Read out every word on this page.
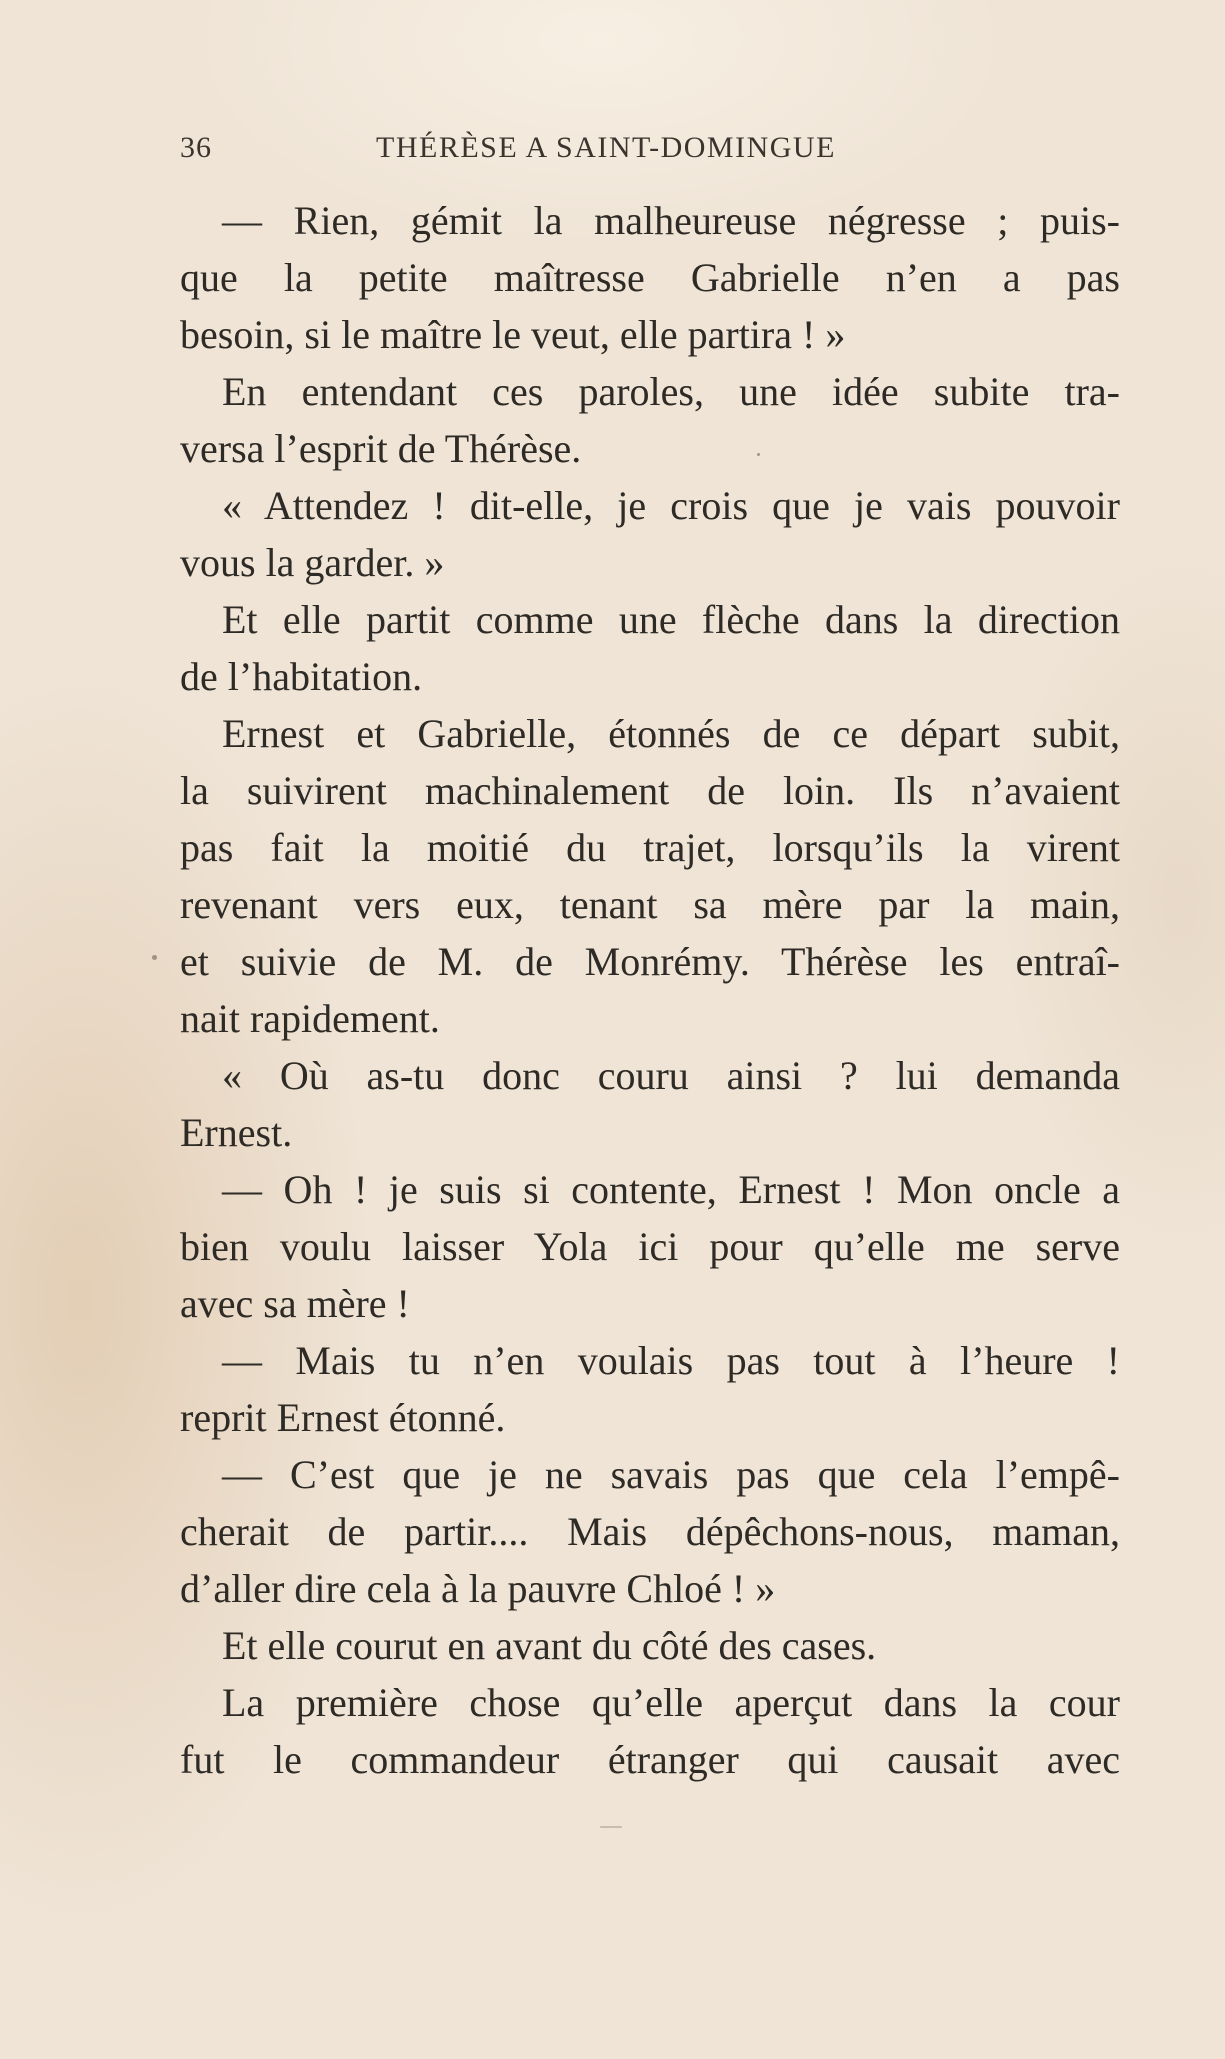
36	THÉRÈSE A SAINT-DOMINGUE
— Rien, gémit la malheureuse négresse ; puis-
que la petite maîtresse Gabrielle n’en a pas
besoin, si le maître le veut, elle partira ! »
En entendant ces paroles, une idée subite tra-
versa l’esprit de Thérèse.
« Attendez ! dit-elle, je crois que je vais pouvoir
vous la garder. »
Et elle partit comme une flèche dans la direction
de l’habitation.
Ernest et Gabrielle, étonnés de ce départ subit,
la suivirent machinalement de loin. Ils n’avaient
pas fait la moitié du trajet, lorsqu’ils la virent
revenant vers eux, tenant sa mère par la main,
et suivie de M. de Monrémy. Thérèse les entraî-
nait rapidement.
« Où as-tu donc couru ainsi ? lui demanda
Ernest.
— Oh ! je suis si contente, Ernest ! Mon oncle a
bien voulu laisser Yola ici pour qu’elle me serve
avec sa mère !
— Mais tu n’en voulais pas tout à l’heure !
reprit Ernest étonné.
— C’est que je ne savais pas que cela l’empê-
cherait de partir.... Mais dépêchons-nous, maman,
d’aller dire cela à la pauvre Chloé ! »
Et elle courut en avant du côté des cases.
La première chose qu’elle aperçut dans la cour
fut le commandeur étranger qui causait avec
